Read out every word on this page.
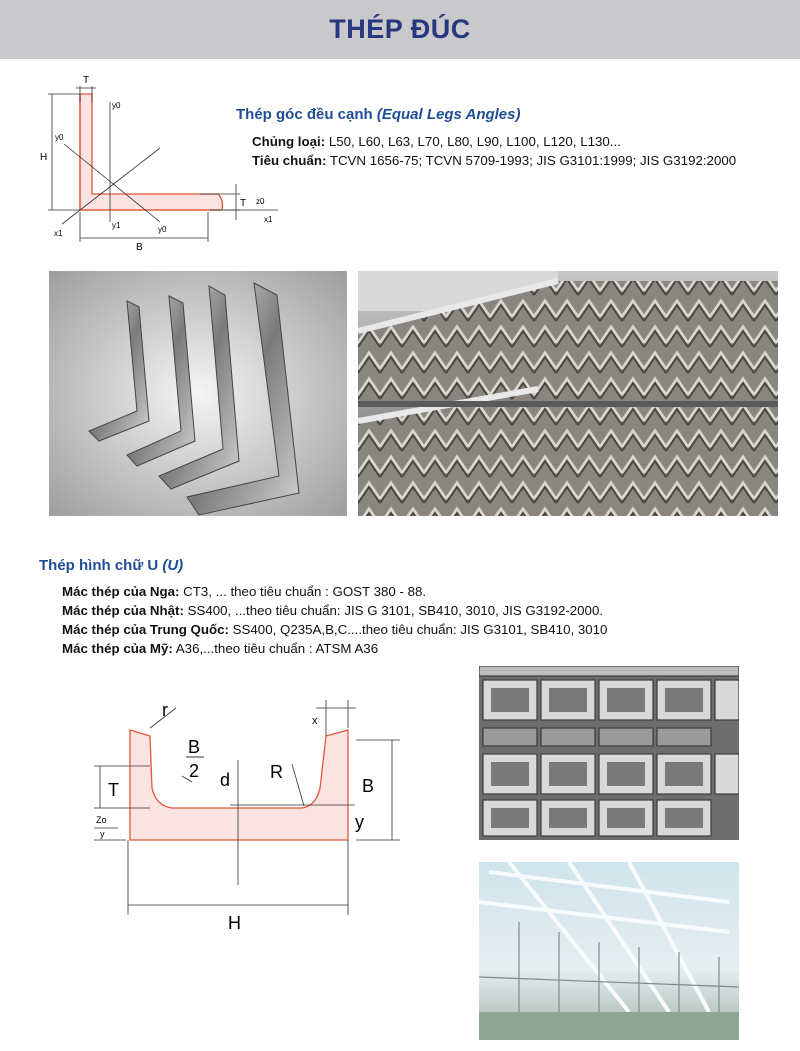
THÉP ĐÚC
T
H
B
T
y0
y0
y0
y1
x1
x1
z0
Thép góc đều cạnh (Equal Legs Angles)
Chủng loại: L50, L60, L63, L70, L80, L90, L100, L120, L130...
Tiêu chuẩn: TCVN 1656-75; TCVN 5709-1993; JIS G3101:1999; JIS G3192:2000
Thép hình chữ U (U)
Mác thép của Nga: CT3, ... theo tiêu chuẩn : GOST 380 - 88.
Mác thép của Nhật: SS400, ...theo tiêu chuẩn: JIS G 3101, SB410, 3010, JIS G3192-2000.
Mác thép của Trung Quốc: SS400, Q235A,B,C....theo tiêu chuẩn: JIS G3101, SB410, 3010
Mác thép của Mỹ: A36,...theo tiêu chuẩn : ATSM A36
r
x
B
2 d R
T	B
Zo
y
y
H
